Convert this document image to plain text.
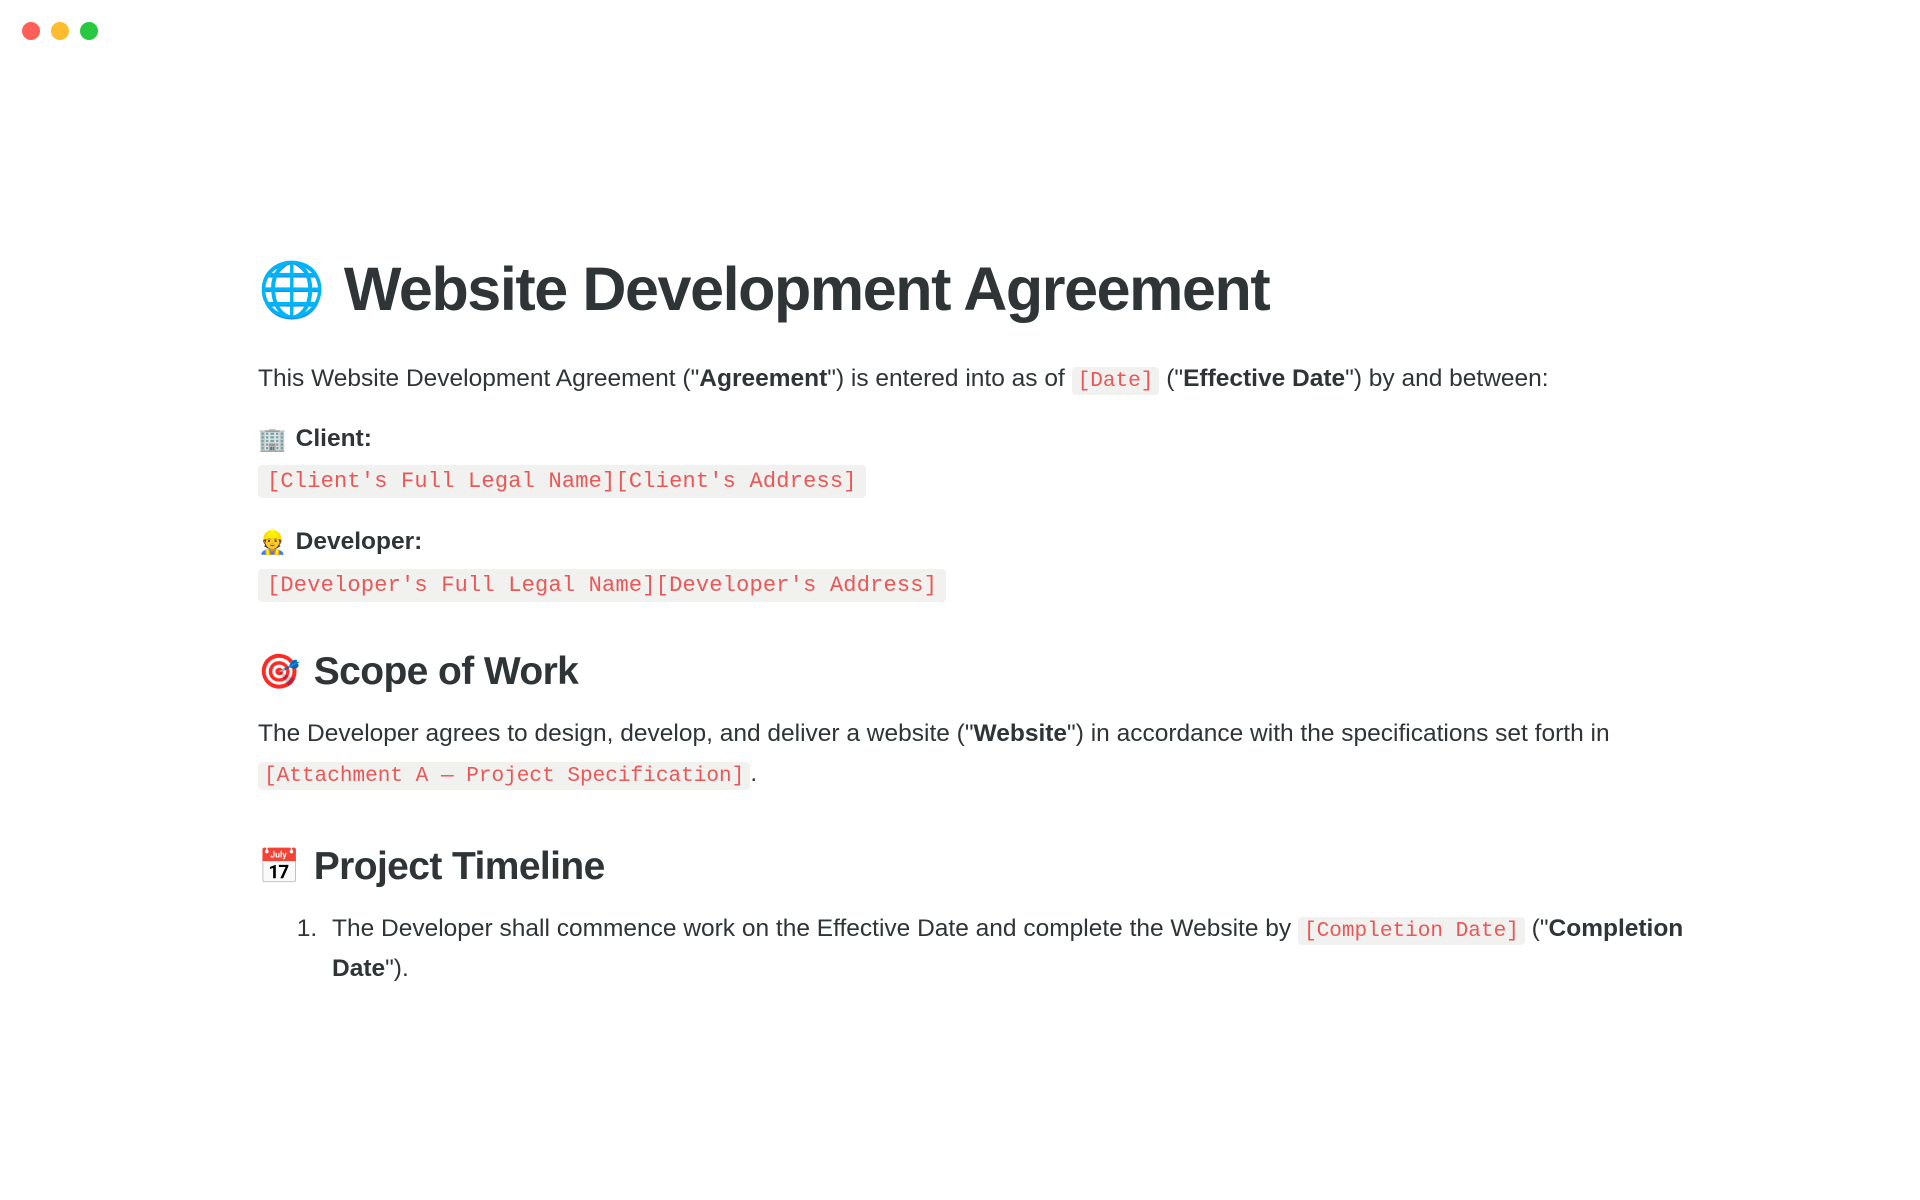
🌐 Website Development Agreement

This Website Development Agreement ("Agreement") is entered into as of [Date] ("Effective Date") by and between:

🏢 Client:
[Client's Full Legal Name][Client's Address]
👷 Developer:
[Developer's Full Legal Name][Developer's Address]
🎯 Scope of Work

The Developer agrees to design, develop, and deliver a website ("Website") in accordance with the specifications set forth in [Attachment A — Project Specification] .

📅 Project Timeline
1. The Developer shall commence work on the Effective Date and complete the Website by [Completion Date] ("Completion Date").
